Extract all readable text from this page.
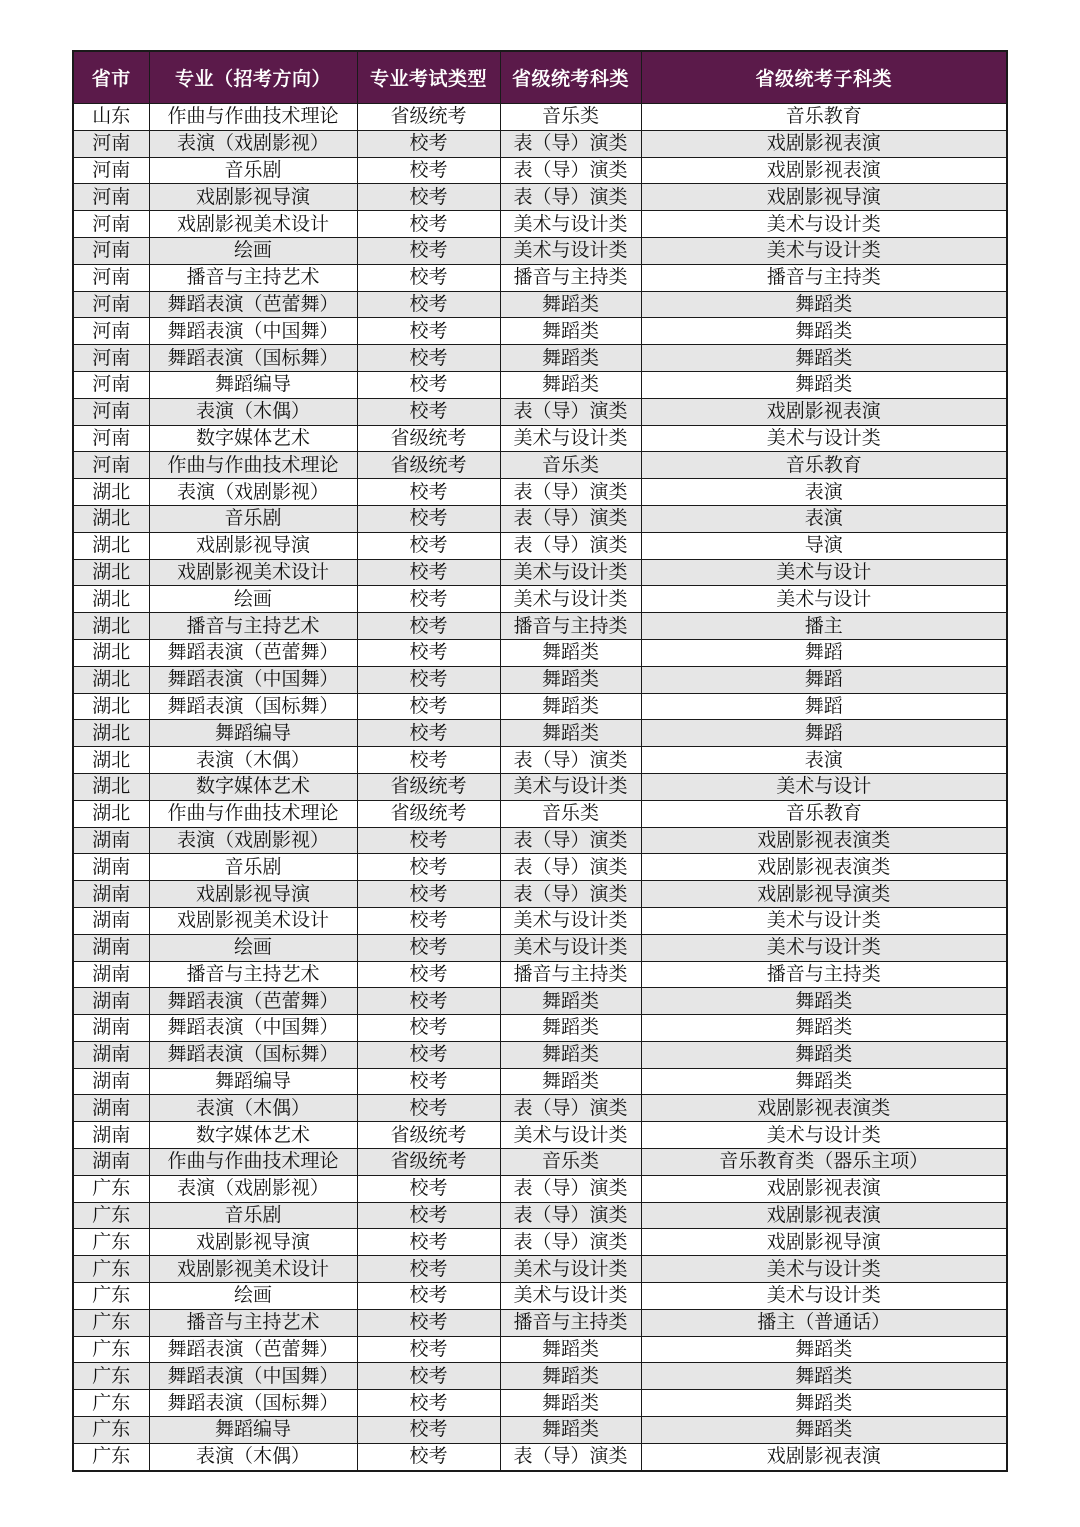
省市	专业（招考方向）	专业考试类型	省级统考科类	省级统考子科类
山东	作曲与作曲技术理论	省级统考	音乐类	音乐教育
河南	表演（戏剧影视）	校考	表（导）演类	戏剧影视表演
河南	音乐剧	校考	表（导）演类	戏剧影视表演
河南	戏剧影视导演	校考	表（导）演类	戏剧影视导演
河南	戏剧影视美术设计	校考	美术与设计类	美术与设计类
河南	绘画	校考	美术与设计类	美术与设计类
河南	播音与主持艺术	校考	播音与主持类	播音与主持类
河南	舞蹈表演（芭蕾舞）	校考	舞蹈类	舞蹈类
河南	舞蹈表演（中国舞）	校考	舞蹈类	舞蹈类
河南	舞蹈表演（国标舞）	校考	舞蹈类	舞蹈类
河南	舞蹈编导	校考	舞蹈类	舞蹈类
河南	表演（木偶）	校考	表（导）演类	戏剧影视表演
河南	数字媒体艺术	省级统考	美术与设计类	美术与设计类
河南	作曲与作曲技术理论	省级统考	音乐类	音乐教育
湖北	表演（戏剧影视）	校考	表（导）演类	表演
湖北	音乐剧	校考	表（导）演类	表演
湖北	戏剧影视导演	校考	表（导）演类	导演
湖北	戏剧影视美术设计	校考	美术与设计类	美术与设计
湖北	绘画	校考	美术与设计类	美术与设计
湖北	播音与主持艺术	校考	播音与主持类	播主
湖北	舞蹈表演（芭蕾舞）	校考	舞蹈类	舞蹈
湖北	舞蹈表演（中国舞）	校考	舞蹈类	舞蹈
湖北	舞蹈表演（国标舞）	校考	舞蹈类	舞蹈
湖北	舞蹈编导	校考	舞蹈类	舞蹈
湖北	表演（木偶）	校考	表（导）演类	表演
湖北	数字媒体艺术	省级统考	美术与设计类	美术与设计
湖北	作曲与作曲技术理论	省级统考	音乐类	音乐教育
湖南	表演（戏剧影视）	校考	表（导）演类	戏剧影视表演类
湖南	音乐剧	校考	表（导）演类	戏剧影视表演类
湖南	戏剧影视导演	校考	表（导）演类	戏剧影视导演类
湖南	戏剧影视美术设计	校考	美术与设计类	美术与设计类
湖南	绘画	校考	美术与设计类	美术与设计类
湖南	播音与主持艺术	校考	播音与主持类	播音与主持类
湖南	舞蹈表演（芭蕾舞）	校考	舞蹈类	舞蹈类
湖南	舞蹈表演（中国舞）	校考	舞蹈类	舞蹈类
湖南	舞蹈表演（国标舞）	校考	舞蹈类	舞蹈类
湖南	舞蹈编导	校考	舞蹈类	舞蹈类
湖南	表演（木偶）	校考	表（导）演类	戏剧影视表演类
湖南	数字媒体艺术	省级统考	美术与设计类	美术与设计类
湖南	作曲与作曲技术理论	省级统考	音乐类	音乐教育类（器乐主项）
广东	表演（戏剧影视）	校考	表（导）演类	戏剧影视表演
广东	音乐剧	校考	表（导）演类	戏剧影视表演
广东	戏剧影视导演	校考	表（导）演类	戏剧影视导演
广东	戏剧影视美术设计	校考	美术与设计类	美术与设计类
广东	绘画	校考	美术与设计类	美术与设计类
广东	播音与主持艺术	校考	播音与主持类	播主（普通话）
广东	舞蹈表演（芭蕾舞）	校考	舞蹈类	舞蹈类
广东	舞蹈表演（中国舞）	校考	舞蹈类	舞蹈类
广东	舞蹈表演（国标舞）	校考	舞蹈类	舞蹈类
广东	舞蹈编导	校考	舞蹈类	舞蹈类
广东	表演（木偶）	校考	表（导）演类	戏剧影视表演
